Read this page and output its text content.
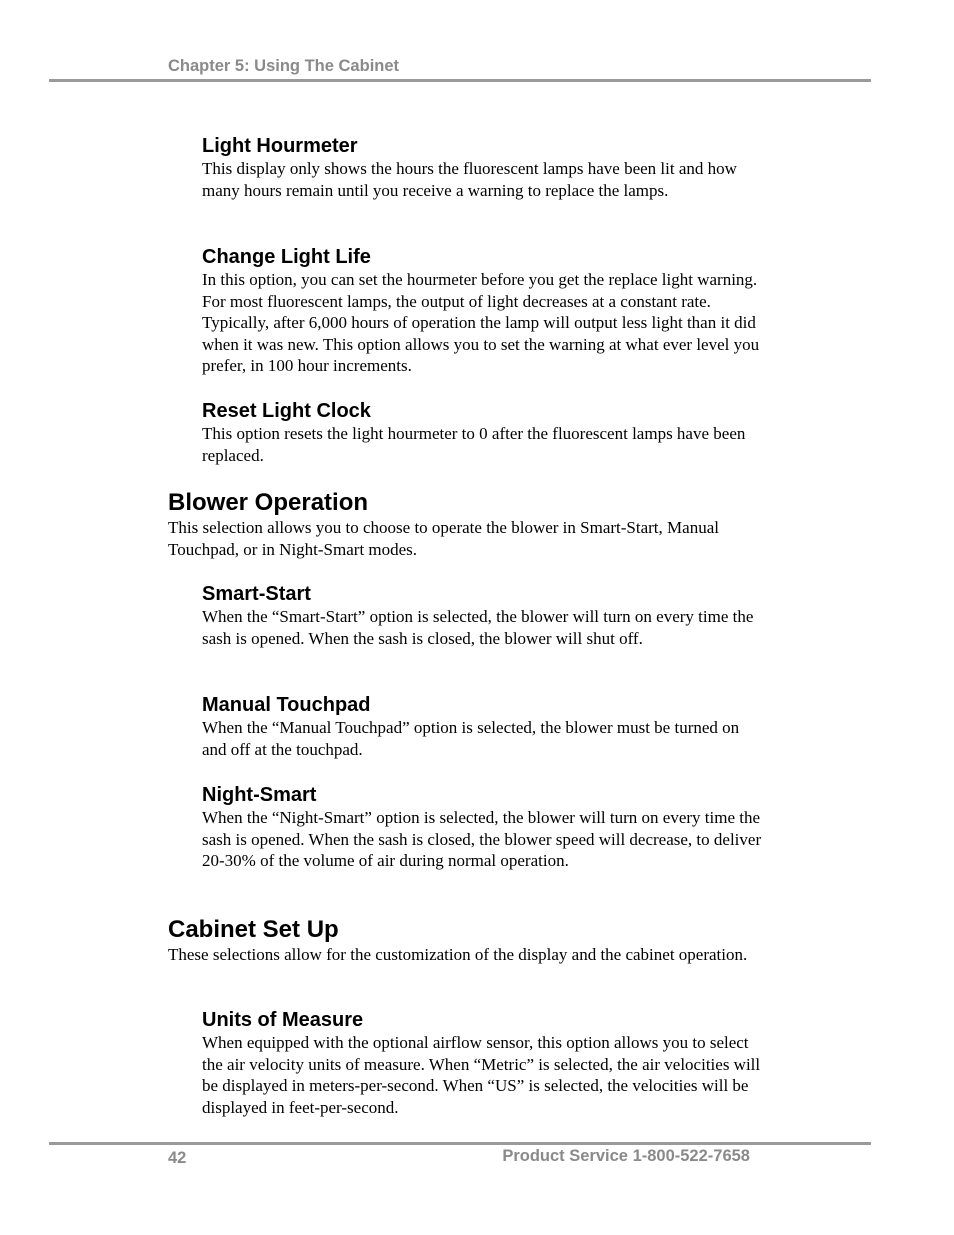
Chapter 5: Using The Cabinet
Light Hourmeter

This display only shows the hours the fluorescent lamps have been lit and how many hours remain until you receive a warning to replace the lamps.

Change Light Life

In this option, you can set the hourmeter before you get the replace light warning. For most fluorescent lamps, the output of light decreases at a constant rate. Typically, after 6,000 hours of operation the lamp will output less light than it did when it was new. This option allows you to set the warning at what ever level you prefer, in 100 hour increments.

Reset Light Clock

This option resets the light hourmeter to 0 after the fluorescent lamps have been replaced.

Blower Operation

This selection allows you to choose to operate the blower in Smart-Start, Manual Touchpad, or in Night-Smart modes.

Smart-Start

When the “Smart-Start” option is selected, the blower will turn on every time the sash is opened. When the sash is closed, the blower will shut off.

Manual Touchpad

When the “Manual Touchpad” option is selected, the blower must be turned on and off at the touchpad.

Night-Smart

When the “Night-Smart” option is selected, the blower will turn on every time the sash is opened. When the sash is closed, the blower speed will decrease, to deliver 20-30% of the volume of air during normal operation.

Cabinet Set Up

These selections allow for the customization of the display and the cabinet operation.

Units of Measure

When equipped with the optional airflow sensor, this option allows you to select the air velocity units of measure. When “Metric” is selected, the air velocities will be displayed in meters-per-second. When “US” is selected, the velocities will be displayed in feet-per-second.

42	Product Service 1-800-522-7658
